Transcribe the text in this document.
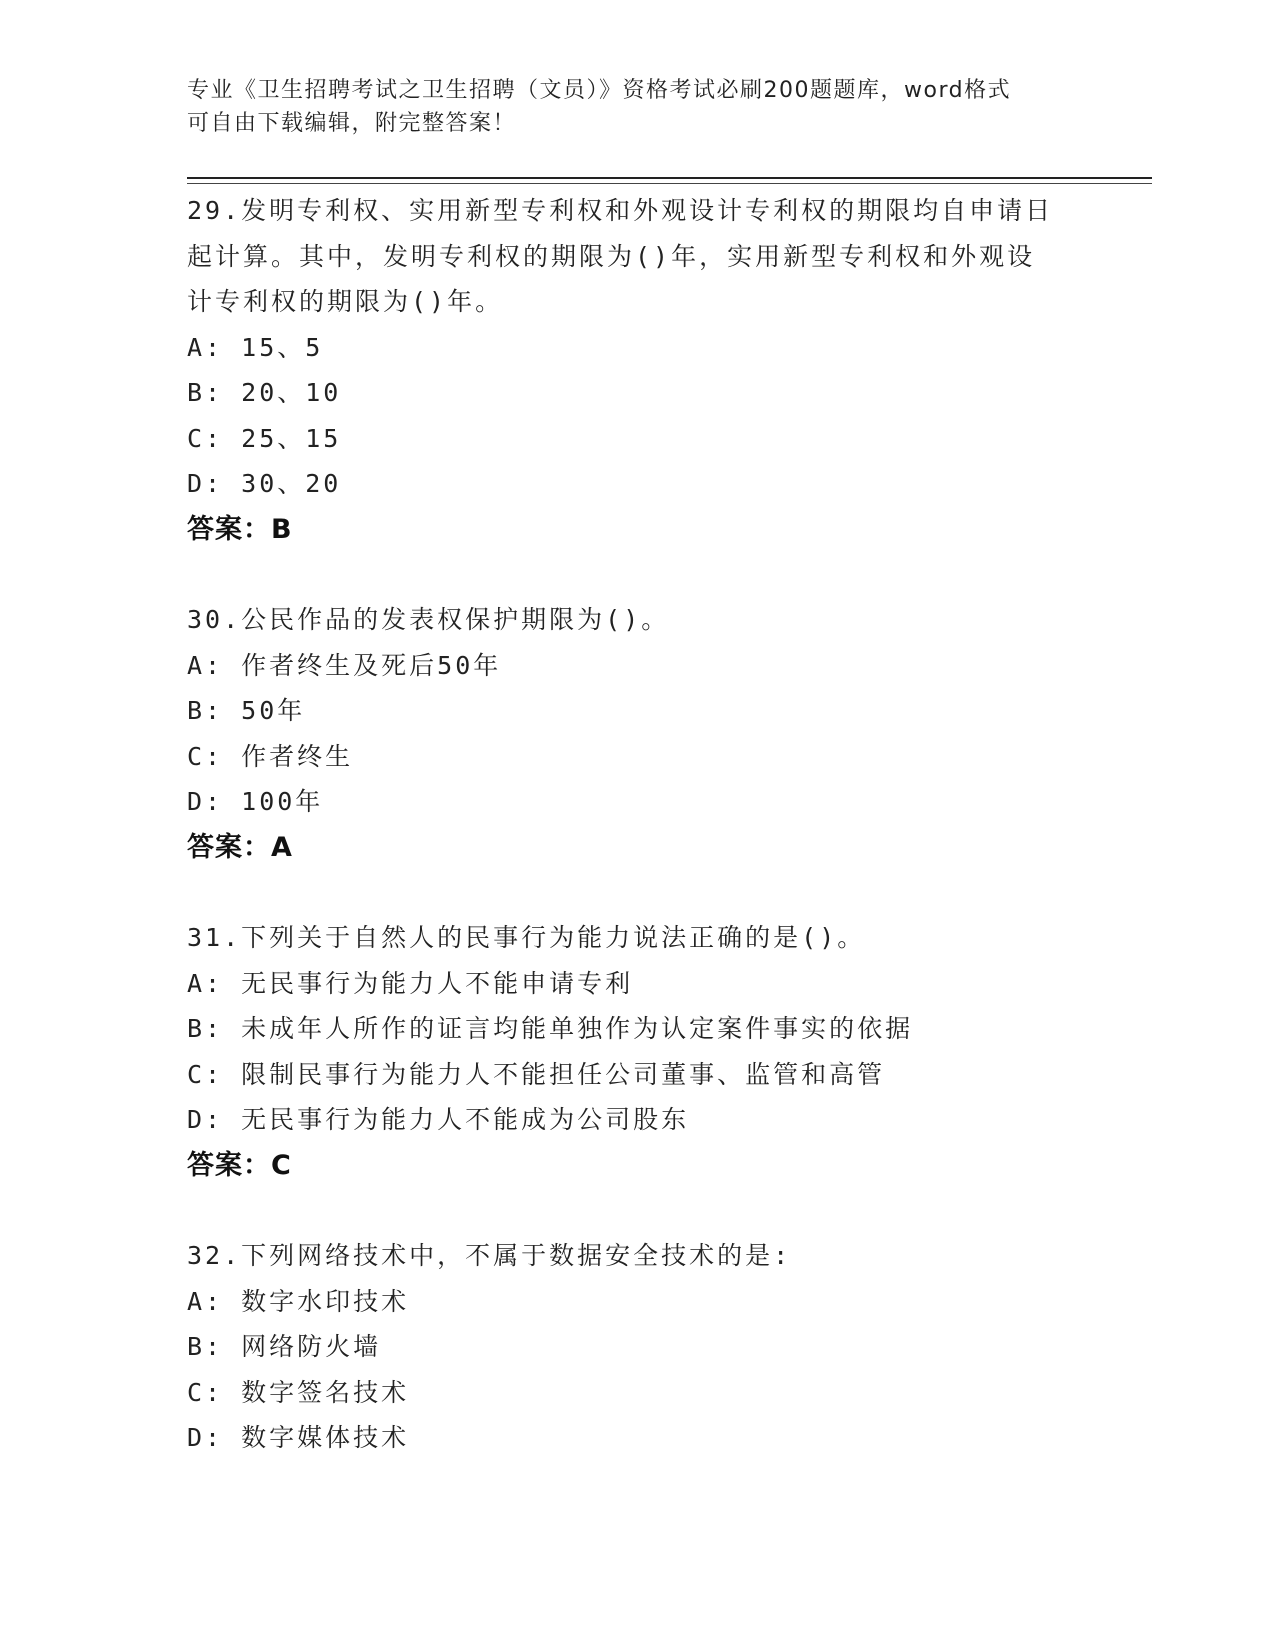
专业《卫生招聘考试之卫生招聘（文员）》资格考试必刷200题题库，word格式
可自由下载编辑，附完整答案！
29.发明专利权、实用新型专利权和外观设计专利权的期限均自申请日
起计算。其中，发明专利权的期限为()年，实用新型专利权和外观设
计专利权的期限为()年。
A: 15、5
B: 20、10
C: 25、15
D: 30、20
答案：B
30.公民作品的发表权保护期限为()。
A: 作者终生及死后50年
B: 50年
C: 作者终生
D: 100年
答案：A
31.下列关于自然人的民事行为能力说法正确的是()。
A: 无民事行为能力人不能申请专利
B: 未成年人所作的证言均能单独作为认定案件事实的依据
C: 限制民事行为能力人不能担任公司董事、监管和高管
D: 无民事行为能力人不能成为公司股东
答案：C
32.下列网络技术中，不属于数据安全技术的是:
A: 数字水印技术
B: 网络防火墙
C: 数字签名技术
D: 数字媒体技术
